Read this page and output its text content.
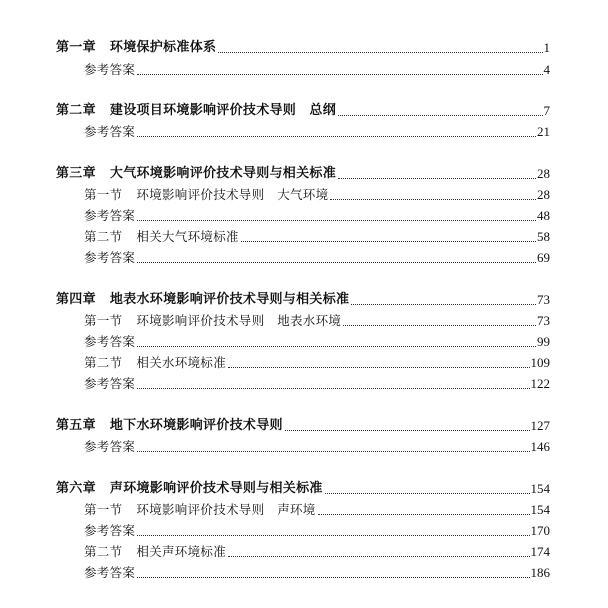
第一章 环境保护标准体系	1
参考答案	4
第二章 建设项目环境影响评价技术导则　总纲	7
参考答案	21
第三章 大气环境影响评价技术导则与相关标准	28
第一节 环境影响评价技术导则　大气环境	28
参考答案	48
第二节 相关大气环境标准	58
参考答案	69
第四章 地表水环境影响评价技术导则与相关标准	73
第一节 环境影响评价技术导则　地表水环境	73
参考答案	99
第二节 相关水环境标准	109
参考答案	122
第五章 地下水环境影响评价技术导则	127
参考答案	146
第六章 声环境影响评价技术导则与相关标准	154
第一节 环境影响评价技术导则　声环境	154
参考答案	170
第二节 相关声环境标准	174
参考答案	186
